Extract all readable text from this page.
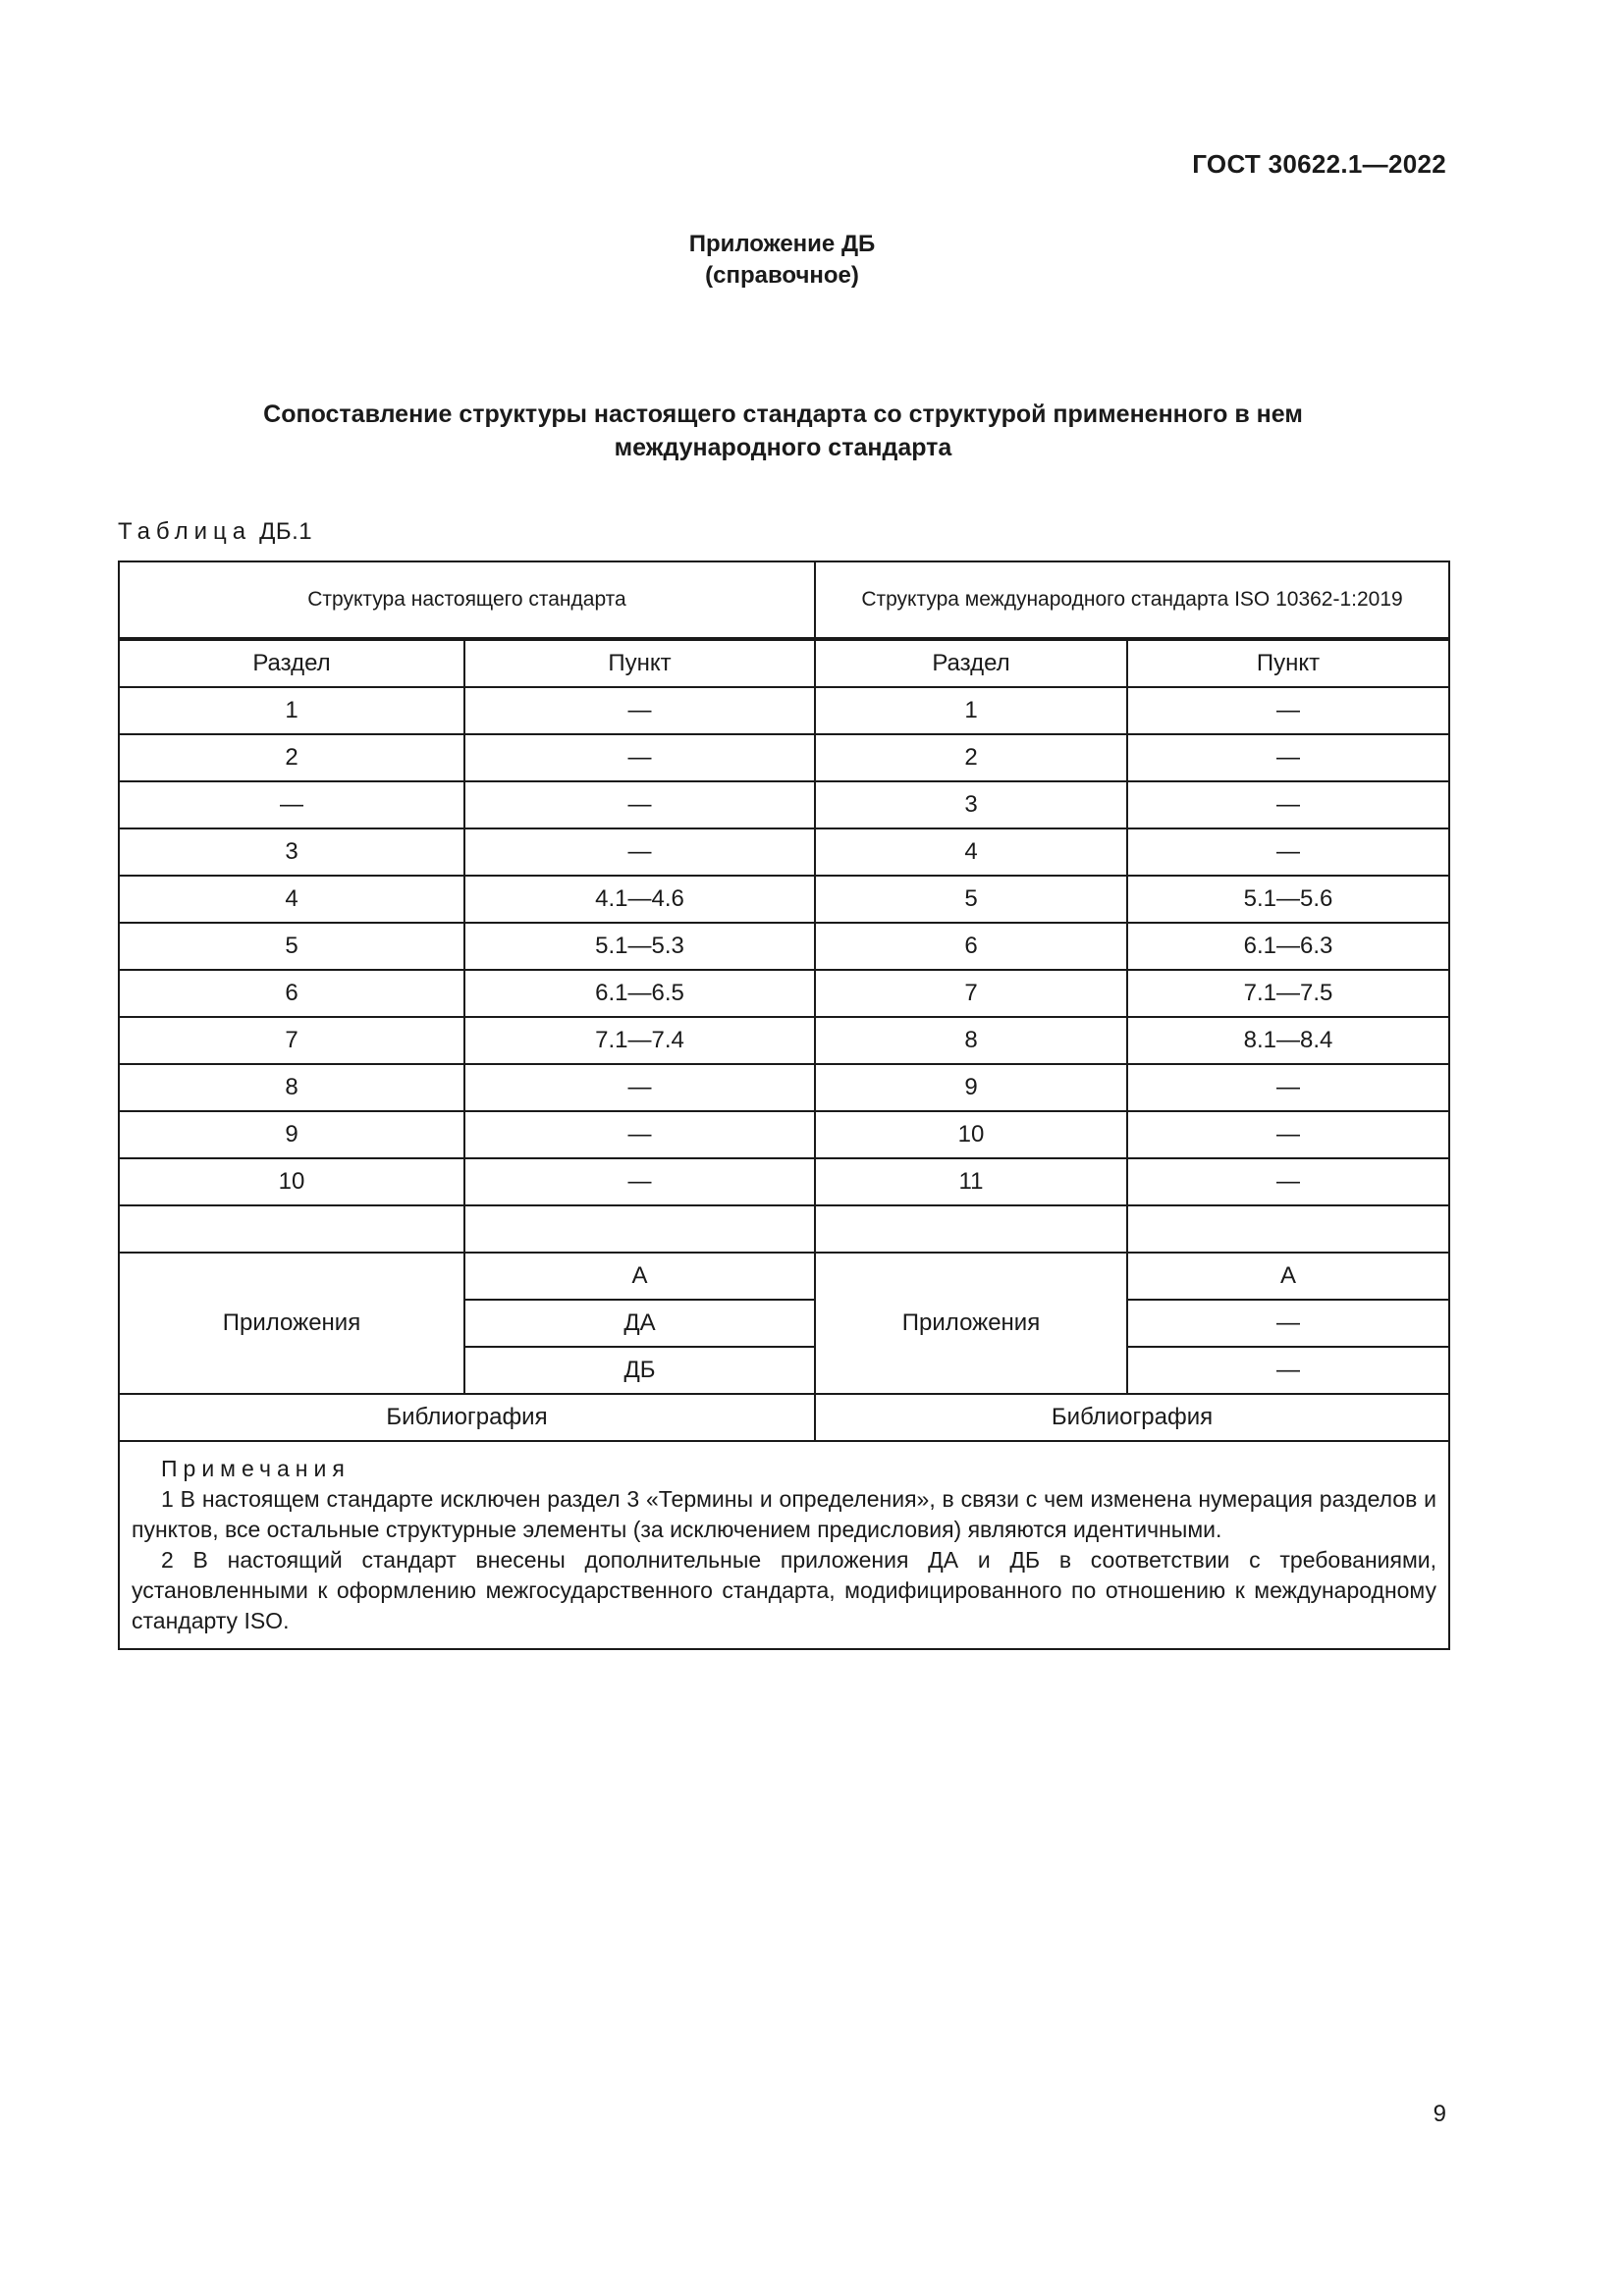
ГОСТ 30622.1—2022
Приложение ДБ
(справочное)
Сопоставление структуры настоящего стандарта со структурой примененного в нем
международного стандарта
Таблица ДБ.1
Структура настоящего стандарта		Структура международного стандарта ISO 10362-1:2019	
Раздел	Пункт	Раздел	Пункт
1	—	1	—
2	—	2	—
—	—	3	—
3	—	4	—
4	4.1—4.6	5	5.1—5.6
5	5.1—5.3	6	6.1—6.3
6	6.1—6.5	7	7.1—7.5
7	7.1—7.4	8	8.1—8.4
8	—	9	—
9	—	10	—
10	—	11	—

Приложения	А	Приложения	А
	ДА		—
	ДБ		—
Библиография		Библиография	

Примечания

1 В настоящем стандарте исключен раздел 3 «Термины и определения», в связи с чем изменена нумерация разделов и пунктов, все остальные структурные элементы (за исключением предисловия) являются идентичными.

2 В настоящий стандарт внесены дополнительные приложения ДА и ДБ в соответствии с требованиями, установленными к оформлению межгосударственного стандарта, модифицированного по отношению к международному стандарту ISO.			

9
